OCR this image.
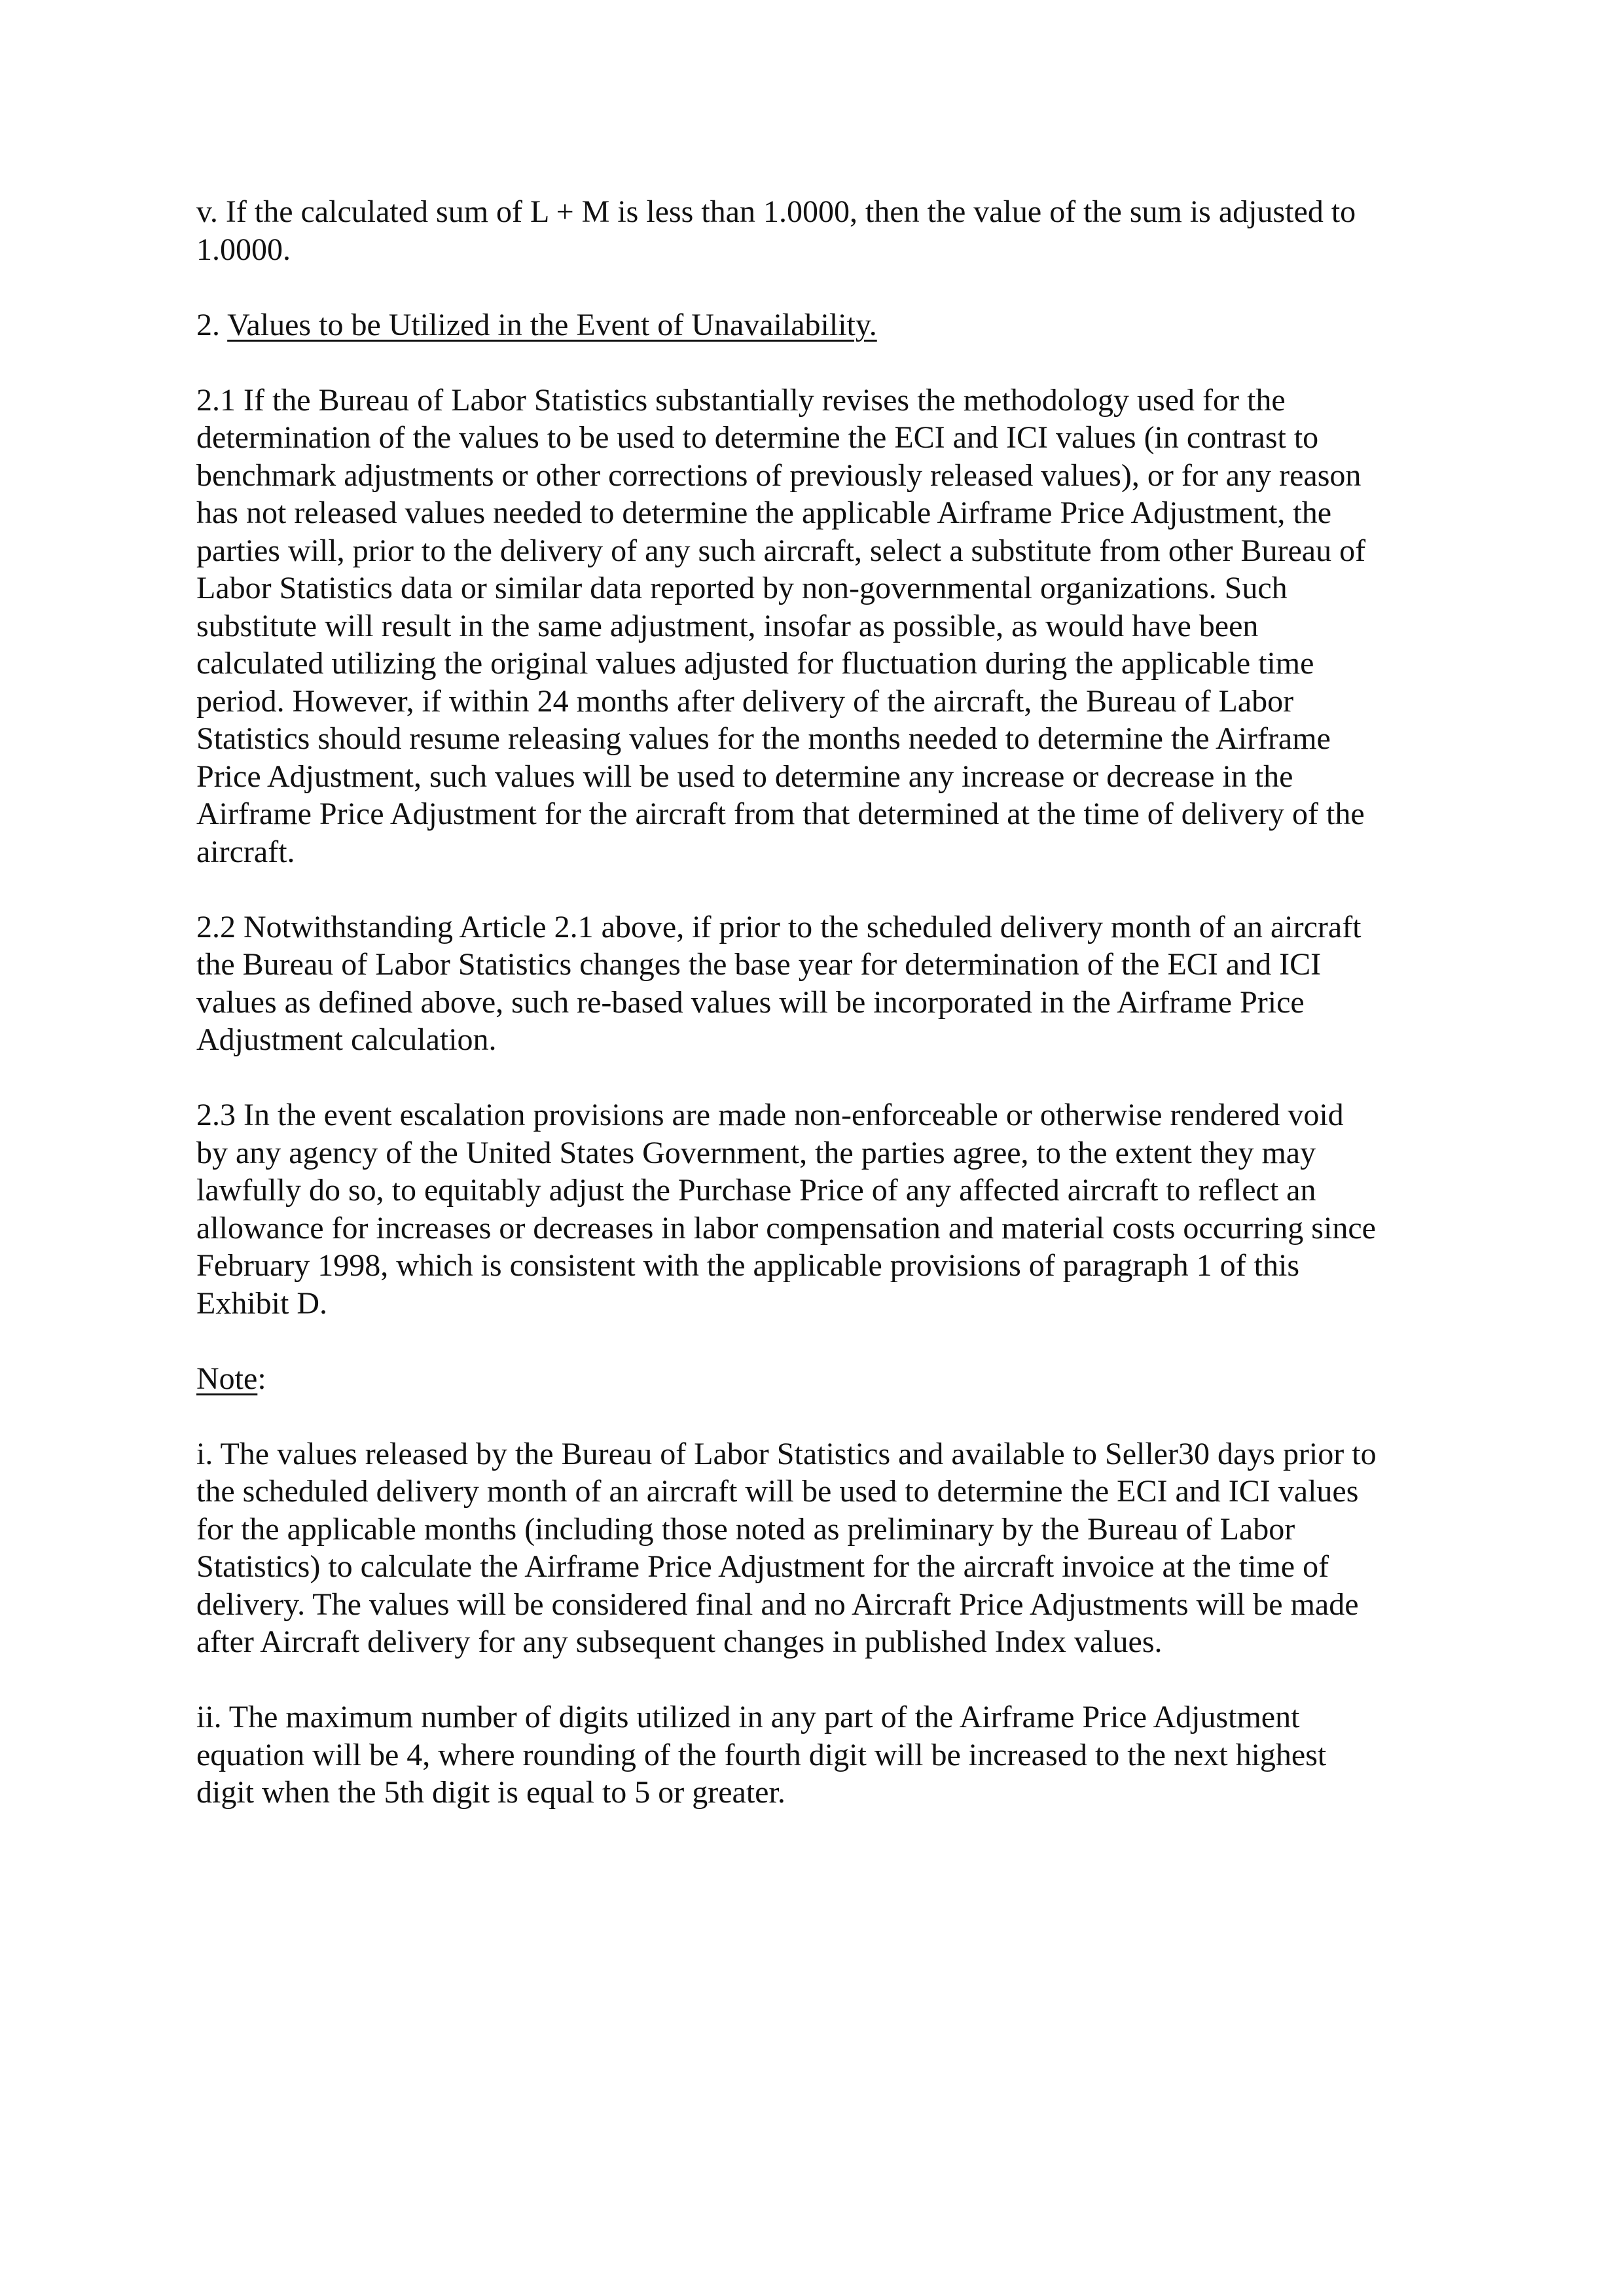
v. If the calculated sum of L + M is less than 1.0000, then the value of the sum is adjusted to
1.0000.

2. Values to be Utilized in the Event of Unavailability.

2.1 If the Bureau of Labor Statistics substantially revises the methodology used for the
determination of the values to be used to determine the ECI and ICI values (in contrast to
benchmark adjustments or other corrections of previously released values), or for any reason
has not released values needed to determine the applicable Airframe Price Adjustment, the
parties will, prior to the delivery of any such aircraft, select a substitute from other Bureau of
Labor Statistics data or similar data reported by non-governmental organizations. Such
substitute will result in the same adjustment, insofar as possible, as would have been
calculated utilizing the original values adjusted for fluctuation during the applicable time
period. However, if within 24 months after delivery of the aircraft, the Bureau of Labor
Statistics should resume releasing values for the months needed to determine the Airframe
Price Adjustment, such values will be used to determine any increase or decrease in the
Airframe Price Adjustment for the aircraft from that determined at the time of delivery of the
aircraft.

2.2 Notwithstanding Article 2.1 above, if prior to the scheduled delivery month of an aircraft
the Bureau of Labor Statistics changes the base year for determination of the ECI and ICI
values as defined above, such re-based values will be incorporated in the Airframe Price
Adjustment calculation.

2.3 In the event escalation provisions are made non-enforceable or otherwise rendered void
by any agency of the United States Government, the parties agree, to the extent they may
lawfully do so, to equitably adjust the Purchase Price of any affected aircraft to reflect an
allowance for increases or decreases in labor compensation and material costs occurring since
February 1998, which is consistent with the applicable provisions of paragraph 1 of this
Exhibit D.

Note:

i. The values released by the Bureau of Labor Statistics and available to Seller30 days prior to
the scheduled delivery month of an aircraft will be used to determine the ECI and ICI values
for the applicable months (including those noted as preliminary by the Bureau of Labor
Statistics) to calculate the Airframe Price Adjustment for the aircraft invoice at the time of
delivery. The values will be considered final and no Aircraft Price Adjustments will be made
after Aircraft delivery for any subsequent changes in published Index values.

ii. The maximum number of digits utilized in any part of the Airframe Price Adjustment
equation will be 4, where rounding of the fourth digit will be increased to the next highest
digit when the 5th digit is equal to 5 or greater.
